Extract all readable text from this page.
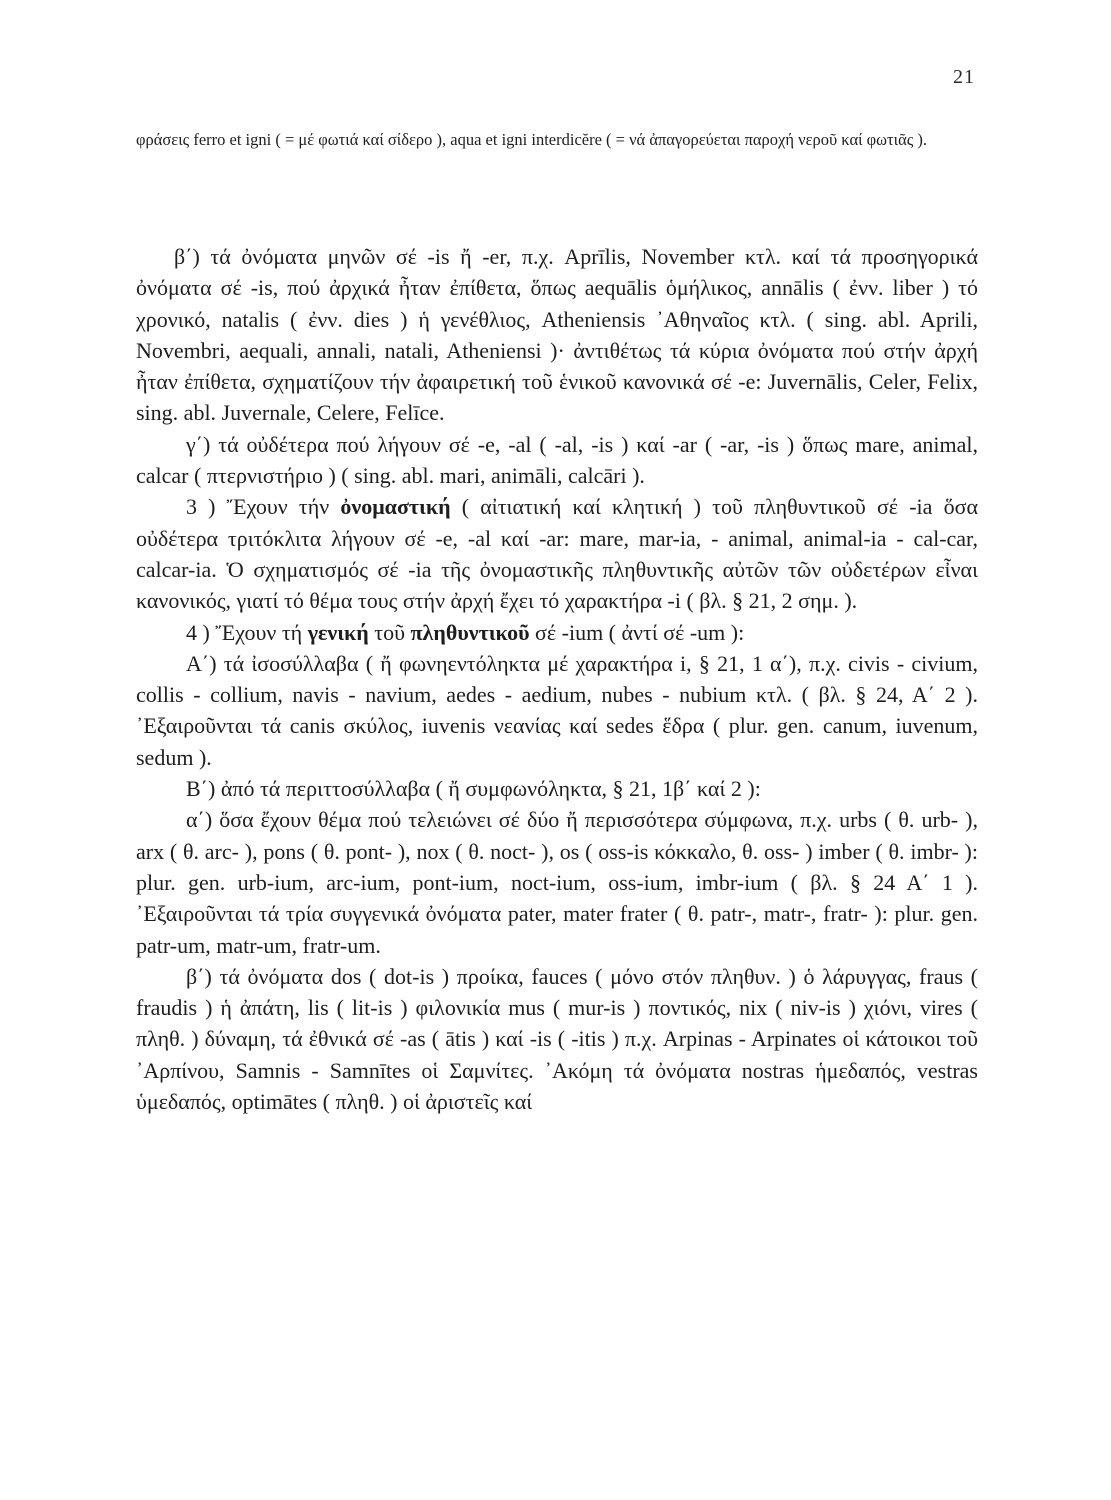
21
φράσεις ferro et igni ( = μέ φωτιά καί σίδερο ), aqua et igni interdicĕre ( = νά ἀπαγορεύεται παροχή νεροῦ καί φωτιᾶς ).

β΄) τά ὀνόματα μηνῶν σέ -is ἤ -er, π.χ. Aprīlis, November κτλ. καί τά προσηγορικά ὀνόματα σέ -is, πού ἀρχικά ἦταν ἐπίθετα, ὅπως aequālis ὁμήλικος, annālis ( ἐνν. liber ) τό χρονικό, natalis ( ἐνν. dies ) ἡ γενέθλιος, Atheniensis ᾽Αθηναῖος κτλ. ( sing. abl. Aprili, Novembri, aequali, annali, natali, Atheniensi )· ἀντιθέτως τά κύρια ὀνόματα πού στήν ἀρχή ἦταν ἐπίθετα, σχηματίζουν τήν ἀφαιρετική τοῦ ἑνικοῦ κανονικά σέ -e: Juvernālis, Celer, Felix, sing. abl. Juvernale, Celere, Felīce.

γ΄) τά οὐδέτερα πού λήγουν σέ -e, -al ( -al, -is ) καί -ar ( -ar, -is ) ὅπως mare, animal, calcar ( πτερνιστήριο ) ( sing. abl. mari, animāli, calcāri ).

3 ) Ἔχουν τήν ὀνομαστική ( αἰτιατική καί κλητική ) τοῦ πληθυντικοῦ σέ -ia ὅσα οὐδέτερα τριτόκλιτα λήγουν σέ -e, -al καί -ar: mare, mar-ia, - animal, animal-ia - cal-car, calcar-ia. Ὁ σχηματισμός σέ -ia τῆς ὀνομαστικῆς πληθυντικῆς αὐτῶν τῶν οὐδετέρων εἶναι κανονικός, γιατί τό θέμα τους στήν ἀρχή ἔχει τό χαρακτήρα -i ( βλ. § 21, 2 σημ. ).

4 ) Ἔχουν τή γενική τοῦ πληθυντικοῦ σέ -ium ( ἀντί σέ -um ):

Α΄) τά ἰσοσύλλαβα ( ἤ φωνηεντόληκτα μέ χαρακτήρα i, § 21, 1 α΄), π.χ. civis - civium, collis - collium, navis - navium, aedes - aedium, nubes - nubium κτλ. ( βλ. § 24, Α΄ 2 ). ᾽Εξαιροῦνται τά canis σκύλος, iuvenis νεανίας καί sedes ἕδρα ( plur. gen. canum, iuvenum, sedum ).

Β΄) ἀπό τά περιττοσύλλαβα ( ἤ συμφωνόληκτα, § 21, 1β΄ καί 2 ):

α΄) ὅσα ἔχουν θέμα πού τελειώνει σέ δύο ἤ περισσότερα σύμφωνα, π.χ. urbs ( θ. urb- ), arx ( θ. arc- ), pons ( θ. pont- ), nox ( θ. noct- ), os ( oss-is κόκκαλο, θ. oss- ) imber ( θ. imbr- ): plur. gen. urb-ium, arc-ium, pont-ium, noct-ium, oss-ium, imbr-ium ( βλ. § 24 Α΄ 1 ). ᾽Εξαιροῦνται τά τρία συγγενικά ὀνόματα pater, mater frater ( θ. patr-, matr-, fratr- ): plur. gen. patr-um, matr-um, fratr-um.

β΄) τά ὀνόματα dos ( dot-is ) προίκα, fauces ( μόνο στόν πληθυν. ) ὁ λάρυγγας, fraus ( fraudis ) ἡ ἀπάτη, lis ( lit-is ) φιλονικία mus ( mur-is ) ποντικός, nix ( niv-is ) χιόνι, vires ( πληθ. ) δύναμη, τά ἐθνικά σέ -as ( ātis ) καί -is ( -itis ) π.χ. Arpinas - Arpinates οἱ κάτοικοι τοῦ ᾽Αρπίνου, Samnis - Samnītes οἱ Σαμνίτες. ᾽Ακόμη τά ὀνόματα nostras ἡμεδαπός, vestras ὑμεδαπός, optimātes ( πληθ. ) οἱ ἀριστεῖς καί
